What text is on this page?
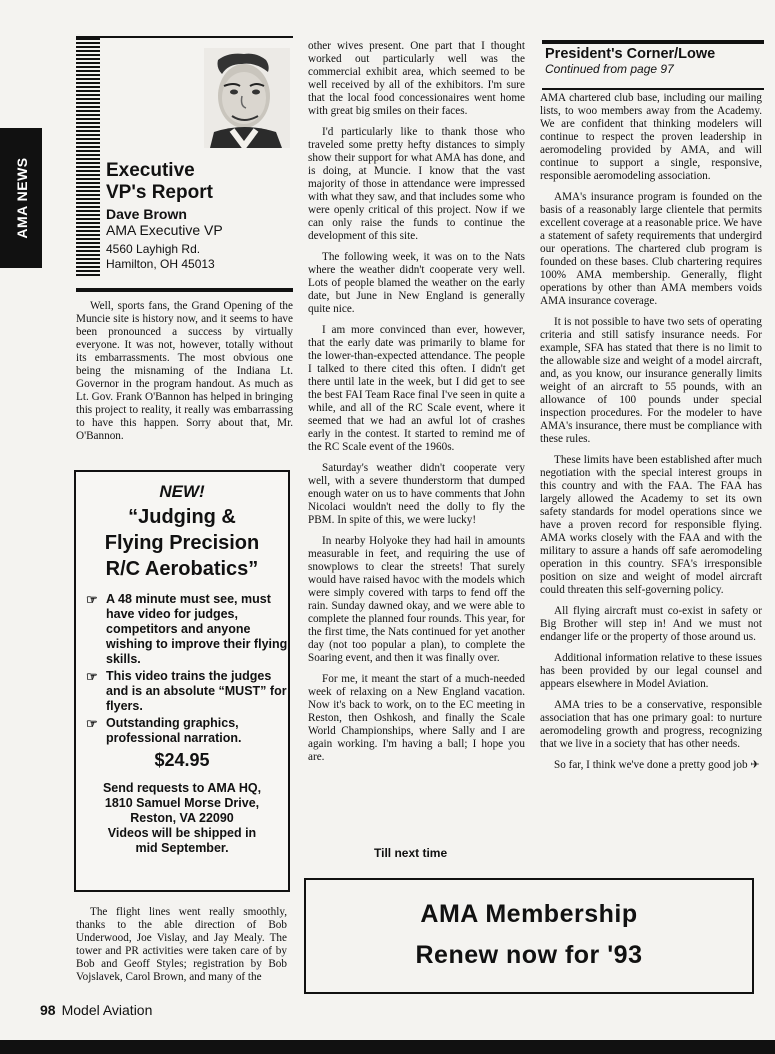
AMA NEWS	Executive

VP's Report

Dave Brown

AMA Executive VP

4560 Layhigh Rd.

Hamilton, OH 45013

Well, sports fans, the Grand Opening of the Muncie site is history now, and it seems to have been pronounced a success by virtually everyone. It was not, however, totally without its embarrassments. The most obvious one being the misnaming of the Indiana Lt. Governor in the program handout. As much as Lt. Gov. Frank O'Bannon has helped in bringing this project to reality, it really was embarrassing to have this happen. Sorry about that, Mr. O'Bannon.

NEW!

“Judging &

Flying Precision

R/C Aerobatics”

☞ A 48 minute must see, must have video for judges, competitors and anyone wishing to improve their flying skills.
☞ This video trains the judges and is an absolute “MUST” for flyers.
☞ Outstanding graphics, professional narration.

$24.95

Send requests to AMA HQ,

1810 Samuel Morse Drive,

Reston, VA 22090

Videos will be shipped in

mid September.

The flight lines went really smoothly, thanks to the able direction of Bob Underwood, Joe Vislay, and Jay Mealy. The tower and PR activities were taken care of by Bob and Geoff Styles; registration by Bob Vojslavek, Carol Brown, and many of the

other wives present. One part that I thought worked out particularly well was the commercial exhibit area, which seemed to be well received by all of the exhibitors. I'm sure that the local food concessionaires went home with great big smiles on their faces.

I'd particularly like to thank those who traveled some pretty hefty distances to simply show their support for what AMA has done, and is doing, at Muncie. I know that the vast majority of those in attendance were impressed with what they saw, and that includes some who were openly critical of this project. Now if we can only raise the funds to continue the development of this site.

The following week, it was on to the Nats where the weather didn't cooperate very well. Lots of people blamed the weather on the early date, but June in New England is generally quite nice.

I am more convinced than ever, however, that the early date was primarily to blame for the lower-than-expected attendance. The people I talked to there cited this often. I didn't get there until late in the week, but I did get to see the best FAI Team Race final I've seen in quite a while, and all of the RC Scale event, where it seemed that we had an awful lot of crashes early in the contest. It started to remind me of the RC Scale event of the 1960s.

Saturday's weather didn't cooperate very well, with a severe thunderstorm that dumped enough water on us to have comments that John Nicolaci wouldn't need the dolly to fly the PBM. In spite of this, we were lucky!

In nearby Holyoke they had hail in amounts measurable in feet, and requiring the use of snowplows to clear the streets! That surely would have raised havoc with the models which were simply covered with tarps to fend off the rain. Sunday dawned okay, and we were able to complete the planned four rounds. This year, for the first time, the Nats continued for yet another day (not too popular a plan), to complete the Soaring event, and then it was finally over.

For me, it meant the start of a much-needed week of relaxing on a New England vacation. Now it's back to work, on to the EC meeting in Reston, then Oshkosh, and finally the Scale World Championships, where Sally and I are again working. I'm having a ball; I hope you are.

Till next time

President's Corner/Lowe

Continued from page 97

AMA chartered club base, including our mailing lists, to woo members away from the Academy. We are confident that thinking modelers will continue to respect the proven leadership in aeromodeling provided by AMA, and will continue to support a single, responsive, responsible aeromodeling association.

AMA's insurance program is founded on the basis of a reasonably large clientele that permits excellent coverage at a reasonable price. We have a statement of safety requirements that undergird our operations. The chartered club program is founded on these bases. Club chartering requires 100% AMA membership. Generally, flight operations by other than AMA members voids AMA insurance coverage.

It is not possible to have two sets of operating criteria and still satisfy insurance needs. For example, SFA has stated that there is no limit to the allowable size and weight of a model aircraft, and, as you know, our insurance generally limits weight of an aircraft to 55 pounds, with an allowance of 100 pounds under special inspection procedures. For the modeler to have AMA's insurance, there must be compliance with these rules.

These limits have been established after much negotiation with the special interest groups in this country and with the FAA. The FAA has largely allowed the Academy to set its own safety standards for model operations since we have a proven record for responsible flying. AMA works closely with the FAA and with the military to assure a hands off safe aeromodeling operation in this country. SFA's irresponsible position on size and weight of model aircraft could threaten this self-governing policy.

All flying aircraft must co-exist in safety or Big Brother will step in! And we must not endanger life or the property of those around us.

Additional information relative to these issues has been provided by our legal counsel and appears elsewhere in Model Aviation.

AMA tries to be a conservative, responsible association that has one primary goal: to nurture aeromodeling growth and progress, recognizing that we live in a society that has other needs.

So far, I think we've done a pretty good job ✈

AMA Membership

Renew now for '93

98 Model Aviation
